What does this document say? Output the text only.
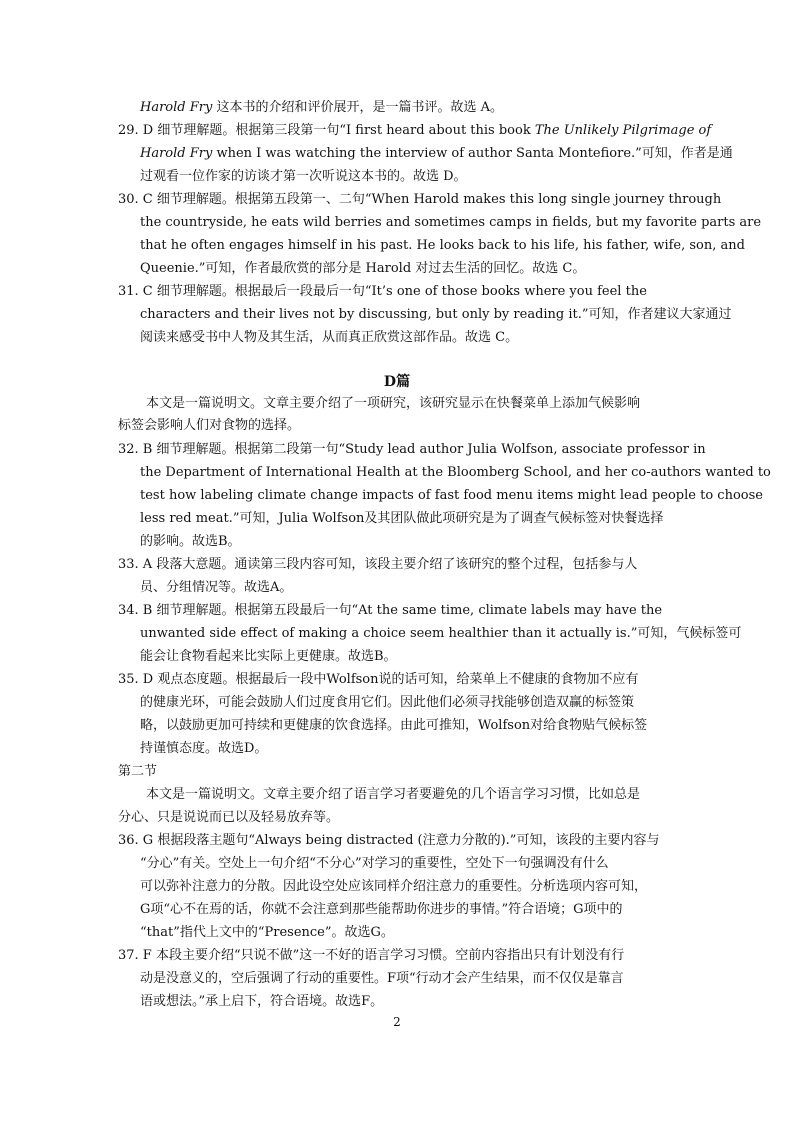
Harold Fry 这本书的介绍和评价展开，是一篇书评。故选 A。
29. D 细节理解题。根据第三段第一句“I first heard about this book The Unlikely Pilgrimage of
Harold Fry when I was watching the interview of author Santa Montefiore.”可知，作者是通
过观看一位作家的访谈才第一次听说这本书的。故选 D。
30. C 细节理解题。根据第五段第一、二句“When Harold makes this long single journey through
the countryside, he eats wild berries and sometimes camps in fields, but my favorite parts are
that he often engages himself in his past. He looks back to his life, his father, wife, son, and
Queenie.”可知，作者最欣赏的部分是 Harold 对过去生活的回忆。故选 C。
31. C 细节理解题。根据最后一段最后一句“It’s one of those books where you feel the
characters and their lives not by discussing, but only by reading it.”可知，作者建议大家通过
阅读来感受书中人物及其生活，从而真正欣赏这部作品。故选 C。
D篇
本文是一篇说明文。文章主要介绍了一项研究，该研究显示在快餐菜单上添加气候影响
标签会影响人们对食物的选择。
32. B 细节理解题。根据第二段第一句“Study lead author Julia Wolfson, associate professor in
the Department of International Health at the Bloomberg School, and her co-authors wanted to
test how labeling climate change impacts of fast food menu items might lead people to choose
less red meat.”可知，Julia Wolfson及其团队做此项研究是为了调查气候标签对快餐选择
的影响。故选B。
33. A 段落大意题。通读第三段内容可知，该段主要介绍了该研究的整个过程，包括参与人
员、分组情况等。故选A。
34. B 细节理解题。根据第五段最后一句“At the same time, climate labels may have the
unwanted side effect of making a choice seem healthier than it actually is.”可知，气候标签可
能会让食物看起来比实际上更健康。故选B。
35. D 观点态度题。根据最后一段中Wolfson说的话可知，给菜单上不健康的食物加不应有
的健康光环，可能会鼓励人们过度食用它们。因此他们必须寻找能够创造双赢的标签策
略，以鼓励更加可持续和更健康的饮食选择。由此可推知，Wolfson对给食物贴气候标签
持谨慎态度。故选D。
第二节
本文是一篇说明文。文章主要介绍了语言学习者要避免的几个语言学习习惯，比如总是
分心、只是说说而已以及轻易放弃等。
36. G 根据段落主题句“Always being distracted (注意力分散的).”可知，该段的主要内容与
“分心”有关。空处上一句介绍“不分心”对学习的重要性，空处下一句强调没有什么
可以弥补注意力的分散。因此设空处应该同样介绍注意力的重要性。分析选项内容可知，
G项“心不在焉的话，你就不会注意到那些能帮助你进步的事情。”符合语境；G项中的
“that”指代上文中的“Presence”。故选G。
37. F 本段主要介绍“只说不做”这一不好的语言学习习惯。空前内容指出只有计划没有行
动是没意义的，空后强调了行动的重要性。F项“行动才会产生结果，而不仅仅是靠言
语或想法。”承上启下，符合语境。故选F。
2
